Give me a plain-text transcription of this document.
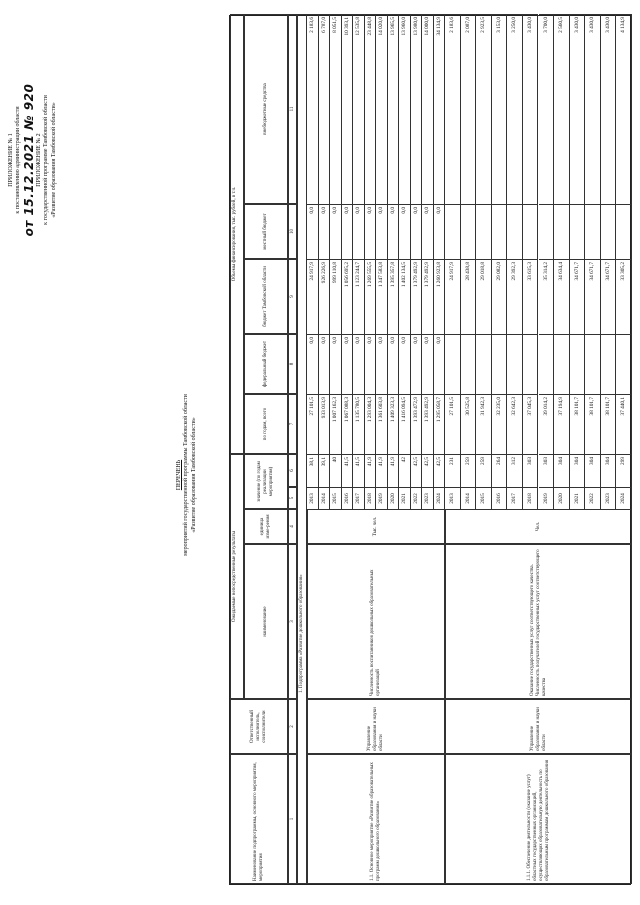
ПРИЛОЖЕНИЕ № 1 к постановлению администрации области от 15.12.2021 № 920 ПРИЛОЖЕНИЕ № 2 к государственной программе Тамбовской области «Развитие образования Тамбовской области»
ПЕРЕЧЕНЬ мероприятий государственной программы Тамбовской области «Развитие образования Тамбовской области»
Наименование подпрограммы, основного мероприятия, мероприятия
Ответственный исполнитель, соисполнители
Ожидаемые непосредственные результаты	наименование
единица изме-рения
значение (по годам реализации мероприятия)
Объемы финансирования, тыс. рублей, в т.ч.
по годам, всего
федеральный бюджет
бюджет Тамбовской области
местный бюджет
внебюджетные средства
1
2
3
4
5
6
7
8
9
10
11
1. Подпрограмма «Развитие дошкольного образования»
1.1. Основное мероприятие «Развитие образовательных программ дошкольного образования»
Управление образования и науки области
Численность воспитанников дошкольных образовательных организаций
Тыс. чел.
2013
38,1
27 101,5
0,0
24 917,9
0,0
2 183,6
2014
39,1
933 013,9
0,0
926 226,9
0,0
6 787,0
2015
40
1 007 162,3
0,0
999 110,8
0,0
8 051,5
2016
41,5
1 067 088,3
0,0
1 056 695,2
0,0
10 393,1
2017
41,5
1 135 780,5
0,0
1 123 244,7
0,0
12 535,8
2018
41,9
1 293 004,3
0,0
1 269 555,5
0,0
23 448,8
2019
41,9
1 361 603,8
0,0
1 347 583,8
0,0
14 020,0
2020
41,9
1 409 323,3
0,0
1 395 357,8
0,0
13 965,5
2021
42
1 416 094,5
0,0
1 402 134,5
0,0
13 960,0
2022
42,5
1 393 472,9
0,0
1 379 492,9
0,0
13 980,0
2023
42,5
1 393 492,9
0,0
1 379 492,9
0,0
14 000,0
2024
42,5
1 295 058,7
0,0
1 260 923,8
0,0
34 134,9
1.1.1. Обеспечение деятельности (оказание услуг) областных государственных организаций, осуществляющих образовательную деятельность по образовательным программам дошкольного образования
Управление образования и науки области
Оказание государственных услуг соответствующего качества. Численность получателей государственных услуг соответствующего качества
Чел.
2013
231
27 101,5
24 917,9
2 183,6
2014
259
30 525,8
28 438,8
2 087,0
2015
259
31 942,3
29 018,8
2 923,5
2016
264
32 235,0
29 082,0
3 153,0
2017
312
32 642,3
29 392,3
3 250,0
2018
303
37 045,3
33 615,3
3 430,0
2019
303
39 014,2
35 314,2
3 700,0
2020
304
37 194,9
34 634,4
2 560,5
2021
304
38 101,7
34 671,7
3 430,0
2022
304
38 101,7
34 671,7
3 430,0
2023
304
38 101,7
34 671,7
3 430,0
2024
299
37 440,1
33 305,2
4 134,9
